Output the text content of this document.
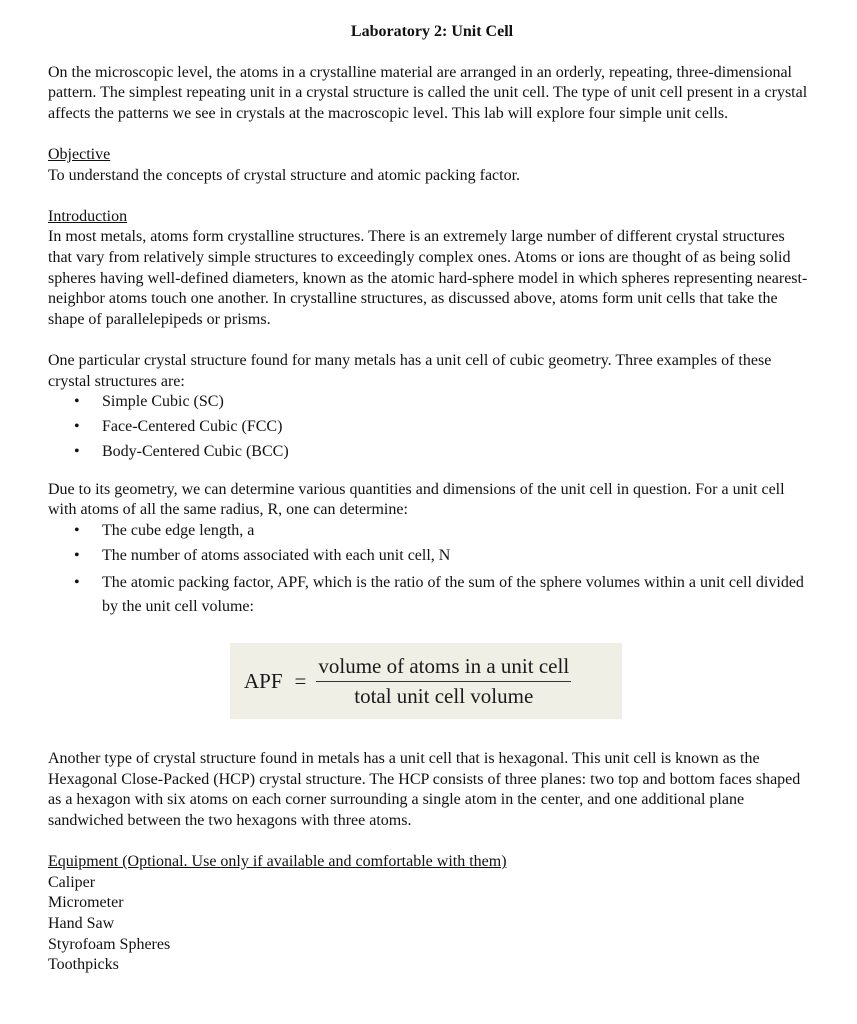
Laboratory 2: Unit Cell

On the microscopic level, the atoms in a crystalline material are arranged in an orderly, repeating, three-dimensional pattern. The simplest repeating unit in a crystal structure is called the unit cell. The type of unit cell present in a crystal affects the patterns we see in crystals at the macroscopic level. This lab will explore four simple unit cells.

Objective

To understand the concepts of crystal structure and atomic packing factor.

Introduction

In most metals, atoms form crystalline structures. There is an extremely large number of different crystal structures that vary from relatively simple structures to exceedingly complex ones. Atoms or ions are thought of as being solid spheres having well-defined diameters, known as the atomic hard-sphere model in which spheres representing nearest-neighbor atoms touch one another. In crystalline structures, as discussed above, atoms form unit cells that take the shape of parallelepipeds or prisms.

One particular crystal structure found for many metals has a unit cell of cubic geometry. Three examples of these crystal structures are:

• Simple Cubic (SC)
• Face-Centered Cubic (FCC)
• Body-Centered Cubic (BCC)

Due to its geometry, we can determine various quantities and dimensions of the unit cell in question. For a unit cell with atoms of all the same radius, R, one can determine:

• The cube edge length, a
• The number of atoms associated with each unit cell, N
• The atomic packing factor, APF, which is the ratio of the sum of the sphere volumes within a unit cell divided by the unit cell volume:
APF = $\frac{\text{volume of atoms in a unit cell}}{\text{total unit cell volume}}$

Another type of crystal structure found in metals has a unit cell that is hexagonal. This unit cell is known as the Hexagonal Close-Packed (HCP) crystal structure. The HCP consists of three planes: two top and bottom faces shaped as a hexagon with six atoms on each corner surrounding a single atom in the center, and one additional plane sandwiched between the two hexagons with three atoms.

Equipment (Optional. Use only if available and comfortable with them)

Caliper

Micrometer

Hand Saw

Styrofoam Spheres

Toothpicks
